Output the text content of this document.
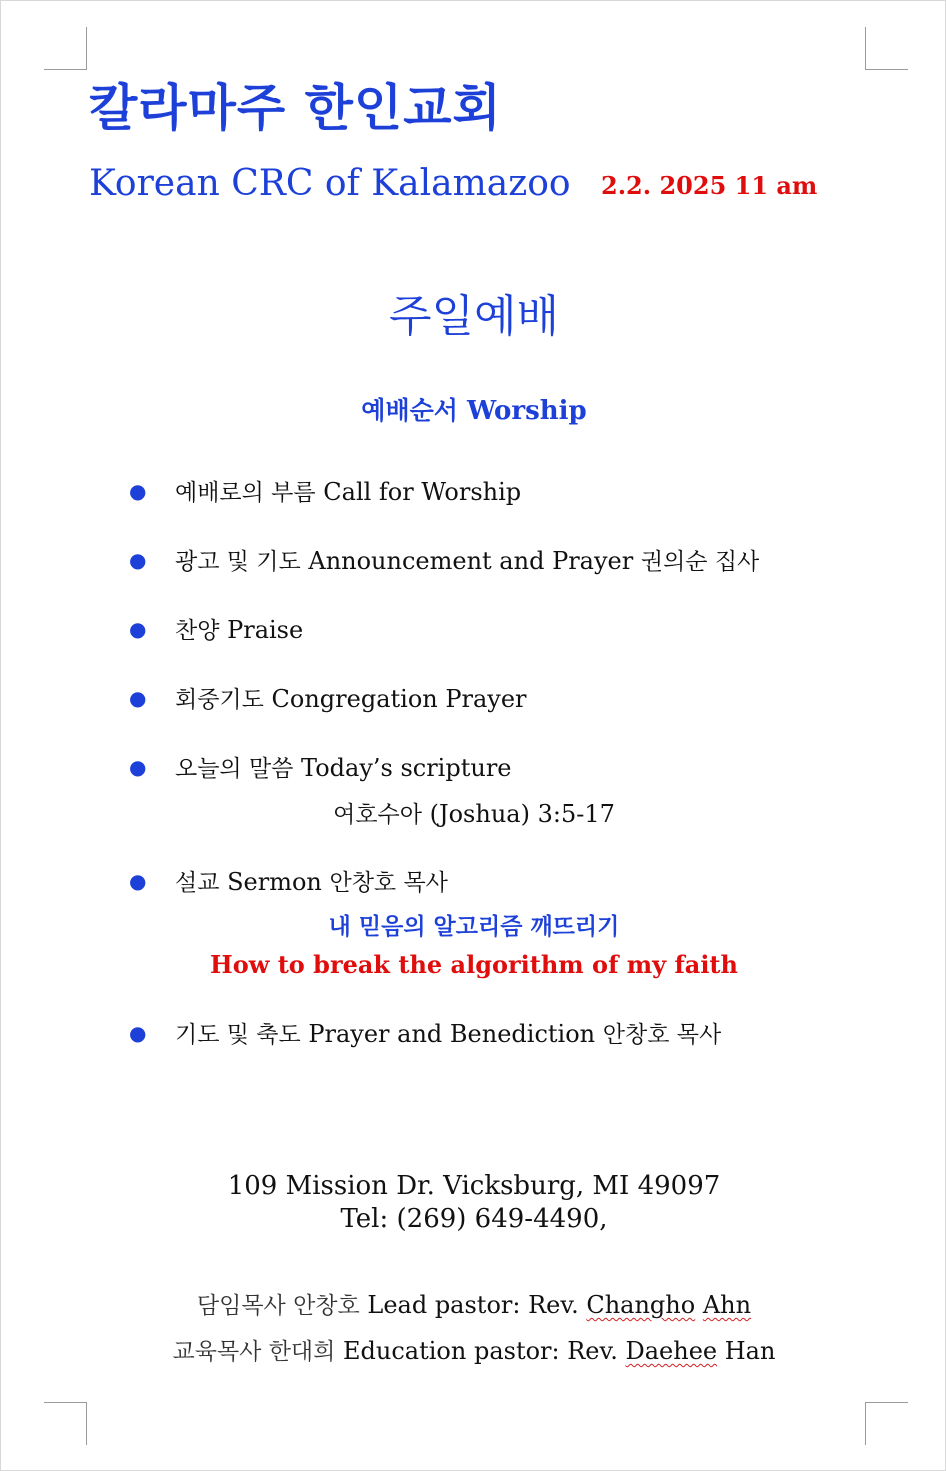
칼라마주 한인교회
Korean CRC of Kalamazoo 2.2. 2025 11 am
주일예배
예배순서 Worship
● 예배로의 부름 Call for Worship
● 광고 및 기도 Announcement and Prayer 권의순 집사
● 찬양 Praise
● 회중기도 Congregation Prayer
● 오늘의 말씀 Today’s scripture
여호수아 (Joshua) 3:5-17
● 설교 Sermon 안창호 목사
내 믿음의 알고리즘 깨뜨리기
How to break the algorithm of my faith
● 기도 및 축도 Prayer and Benediction 안창호 목사
109 Mission Dr. Vicksburg, MI 49097
Tel: (269) 649-4490,
담임목사 안창호 Lead pastor: Rev. Changho Ahn
교육목사 한대희 Education pastor: Rev. Daehee Han
